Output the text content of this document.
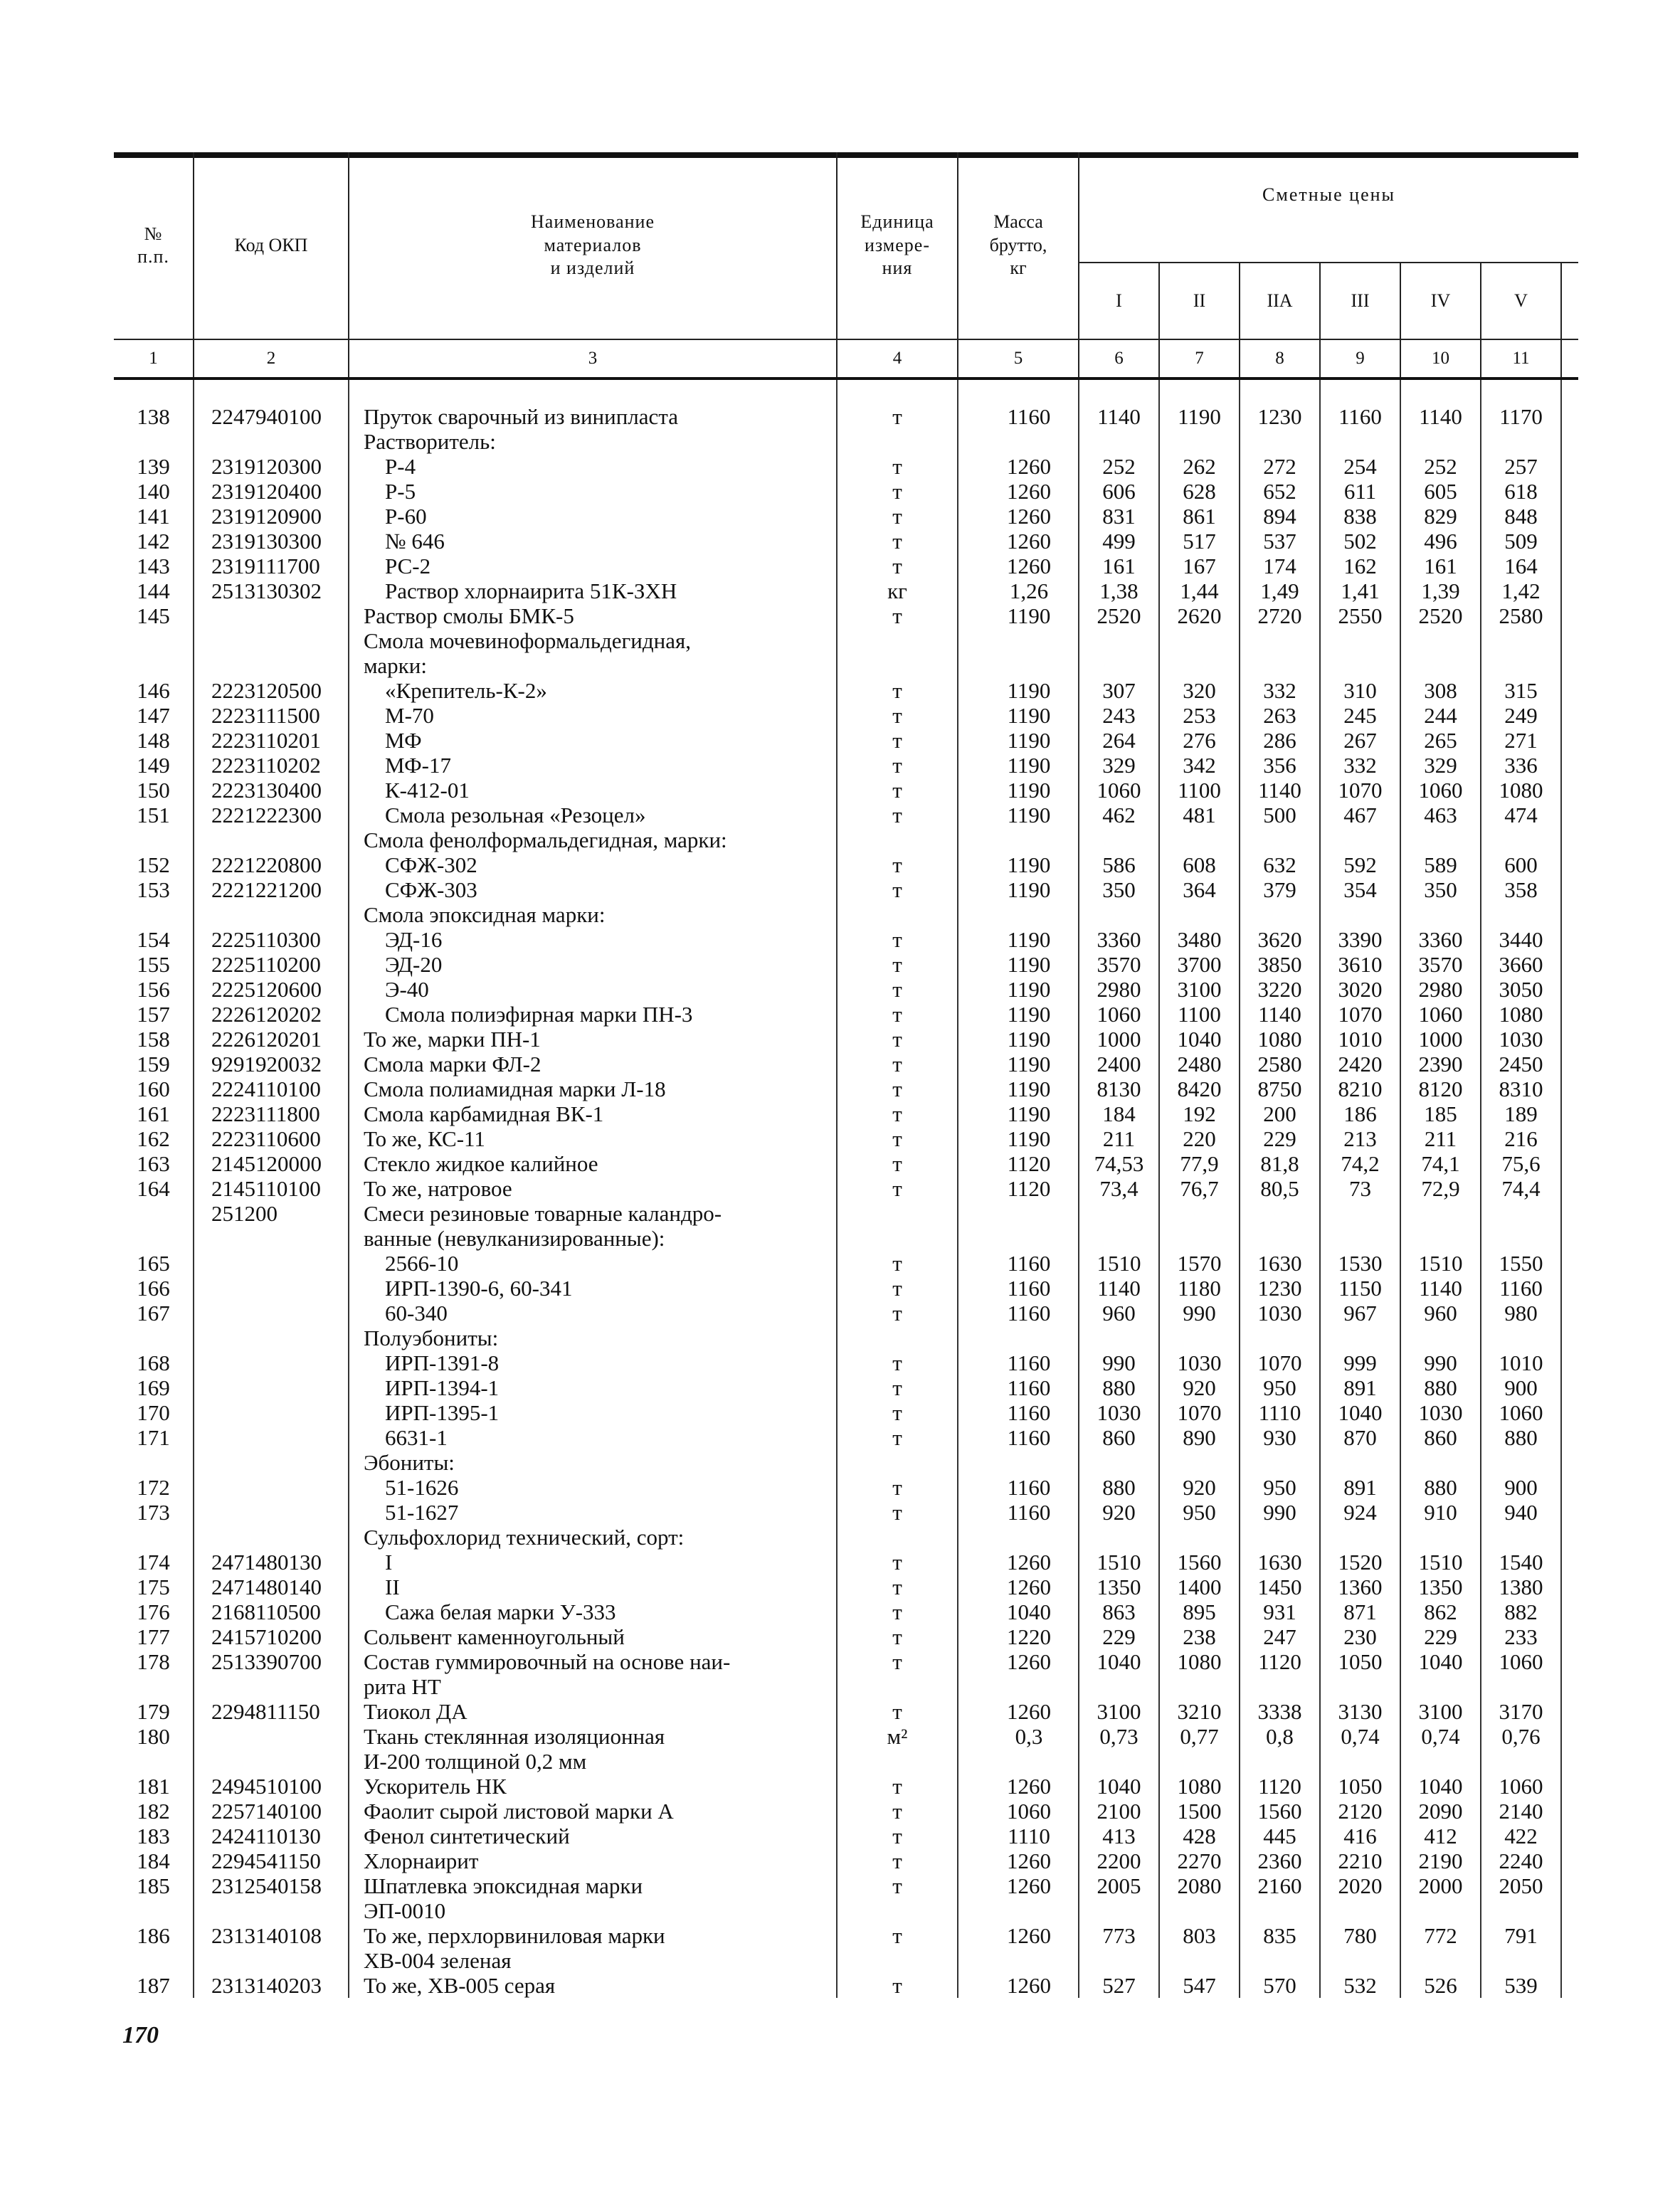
№
п.п.	Код ОКП	Наименование
материалов
и изделий	Единица
измере-
ния	Масса
брутто,
кг	Сметные цены						
					I	II	IIА	III	IV	V	
1	2	3	4	5	6	7	8	9	10	11	

138	2247940100	Пруток сварочный из винипласта	т	1160	1140	1190	1230	1160	1140	1170	
		Растворитель:									
139	2319120300	Р-4	т	1260	252	262	272	254	252	257	
140	2319120400	Р-5	т	1260	606	628	652	611	605	618	
141	2319120900	Р-60	т	1260	831	861	894	838	829	848	
142	2319130300	№ 646	т	1260	499	517	537	502	496	509	
143	2319111700	РС-2	т	1260	161	167	174	162	161	164	
144	2513130302	Раствор хлорнаирита 51К-ЗХН	кг	1,26	1,38	1,44	1,49	1,41	1,39	1,42	
145		Раствор смолы БМК-5	т	1190	2520	2620	2720	2550	2520	2580	
		Смола мочевиноформальдегидная,									
		марки:									
146	2223120500	«Крепитель-К-2»	т	1190	307	320	332	310	308	315	
147	2223111500	М-70	т	1190	243	253	263	245	244	249	
148	2223110201	МФ	т	1190	264	276	286	267	265	271	
149	2223110202	МФ-17	т	1190	329	342	356	332	329	336	
150	2223130400	К-412-01	т	1190	1060	1100	1140	1070	1060	1080	
151	2221222300	Смола резольная «Резоцел»	т	1190	462	481	500	467	463	474	
		Смола фенолформальдегидная, марки:									
152	2221220800	СФЖ-302	т	1190	586	608	632	592	589	600	
153	2221221200	СФЖ-303	т	1190	350	364	379	354	350	358	
		Смола эпоксидная марки:									
154	2225110300	ЭД-16	т	1190	3360	3480	3620	3390	3360	3440	
155	2225110200	ЭД-20	т	1190	3570	3700	3850	3610	3570	3660	
156	2225120600	Э-40	т	1190	2980	3100	3220	3020	2980	3050	
157	2226120202	Смола полиэфирная марки ПН-3	т	1190	1060	1100	1140	1070	1060	1080	
158	2226120201	То же, марки ПН-1	т	1190	1000	1040	1080	1010	1000	1030	
159	9291920032	Смола марки ФЛ-2	т	1190	2400	2480	2580	2420	2390	2450	
160	2224110100	Смола полиамидная марки Л-18	т	1190	8130	8420	8750	8210	8120	8310	
161	2223111800	Смола карбамидная ВК-1	т	1190	184	192	200	186	185	189	
162	2223110600	То же, КС-11	т	1190	211	220	229	213	211	216	
163	2145120000	Стекло жидкое калийное	т	1120	74,53	77,9	81,8	74,2	74,1	75,6	
164	2145110100	То же, натровое	т	1120	73,4	76,7	80,5	73	72,9	74,4	
	251200	Смеси резиновые товарные каландро-									
		ванные (невулканизированные):									
165		2566-10	т	1160	1510	1570	1630	1530	1510	1550	
166		ИРП-1390-6, 60-341	т	1160	1140	1180	1230	1150	1140	1160	
167		60-340	т	1160	960	990	1030	967	960	980	
		Полуэбониты:									
168		ИРП-1391-8	т	1160	990	1030	1070	999	990	1010	
169		ИРП-1394-1	т	1160	880	920	950	891	880	900	
170		ИРП-1395-1	т	1160	1030	1070	1110	1040	1030	1060	
171		6631-1	т	1160	860	890	930	870	860	880	
		Эбониты:									
172		51-1626	т	1160	880	920	950	891	880	900	
173		51-1627	т	1160	920	950	990	924	910	940	
		Сульфохлорид технический, сорт:									
174	2471480130	I	т	1260	1510	1560	1630	1520	1510	1540	
175	2471480140	II	т	1260	1350	1400	1450	1360	1350	1380	
176	2168110500	Сажа белая марки У-333	т	1040	863	895	931	871	862	882	
177	2415710200	Сольвент каменноугольный	т	1220	229	238	247	230	229	233	
178	2513390700	Состав гуммировочный на основе наи-	т	1260	1040	1080	1120	1050	1040	1060	
		рита НТ									
179	2294811150	Тиокол ДА	т	1260	3100	3210	3338	3130	3100	3170	
180		Ткань стеклянная изоляционная	м²	0,3	0,73	0,77	0,8	0,74	0,74	0,76	
		И-200 толщиной 0,2 мм									
181	2494510100	Ускоритель НК	т	1260	1040	1080	1120	1050	1040	1060	
182	2257140100	Фаолит сырой листовой марки А	т	1060	2100	1500	1560	2120	2090	2140	
183	2424110130	Фенол синтетический	т	1110	413	428	445	416	412	422	
184	2294541150	Хлорнаирит	т	1260	2200	2270	2360	2210	2190	2240	
185	2312540158	Шпатлевка эпоксидная марки	т	1260	2005	2080	2160	2020	2000	2050	
		ЭП-0010									
186	2313140108	То же, перхлорвиниловая марки	т	1260	773	803	835	780	772	791	
		ХВ-004 зеленая									
187	2313140203	То же, ХВ-005 серая	т	1260	527	547	570	532	526	539	
170
